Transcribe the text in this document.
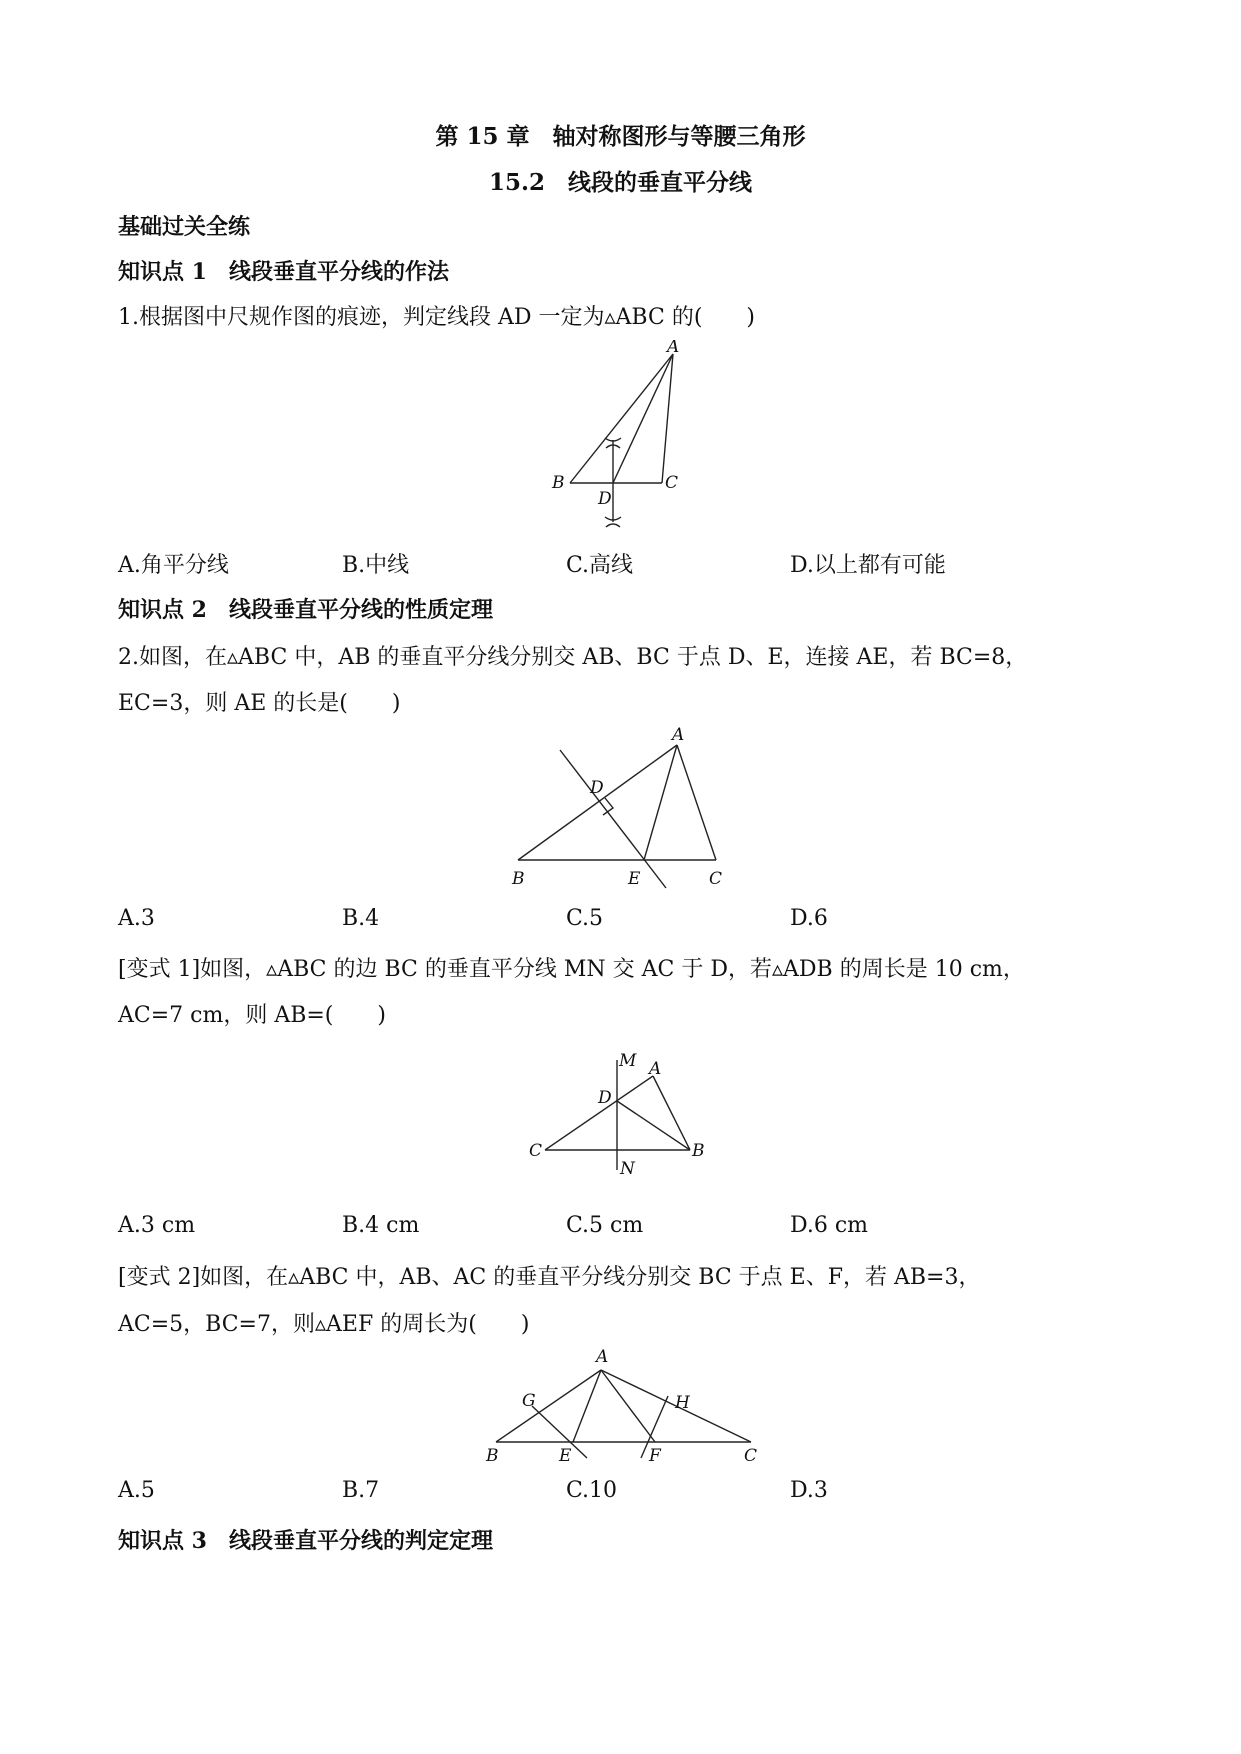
第 15 章　轴对称图形与等腰三角形
15.2　线段的垂直平分线
基础过关全练
知识点 1　线段垂直平分线的作法
1.根据图中尺规作图的痕迹，判定线段 AD 一定为▵ABC 的(　　)
A
B	C
D
A.角平分线	B.中线	C.高线	D.以上都有可能
知识点 2　线段垂直平分线的性质定理
2.如图，在▵ABC 中，AB 的垂直平分线分别交 AB、BC 于点 D、E，连接 AE，若 BC=8，
EC=3，则 AE 的长是(　　)
A
D
B	E	C
A.3	B.4	C.5	D.6
[变式 1]如图，▵ABC 的边 BC 的垂直平分线 MN 交 AC 于 D，若▵ADB 的周长是 10 cm，
AC=7 cm，则 AB=(　　)
M A
D
C	B
N
A.3 cm	B.4 cm	C.5 cm	D.6 cm
[变式 2]如图，在▵ABC 中，AB、AC 的垂直平分线分别交 BC 于点 E、F，若 AB=3，
AC=5，BC=7，则▵AEF 的周长为(　　)
A
G	H
B	E	F	C
A.5	B.7	C.10	D.3
知识点 3　线段垂直平分线的判定定理
